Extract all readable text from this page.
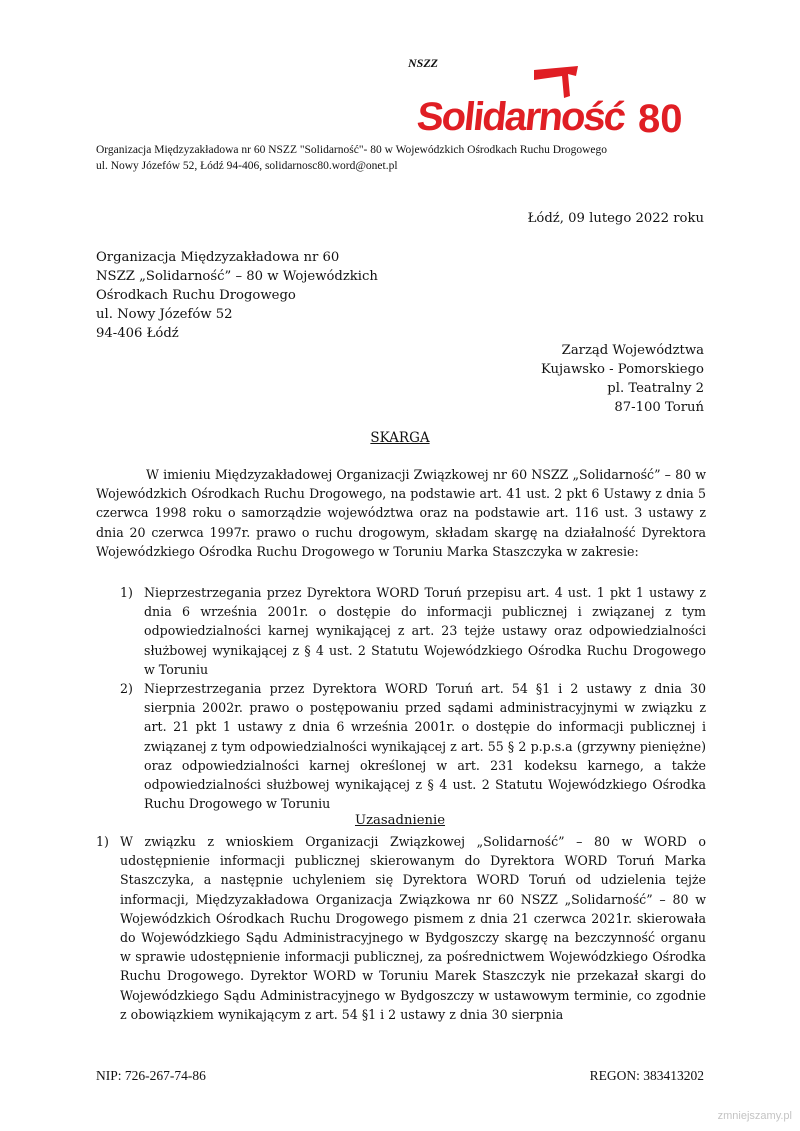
Solidarność 80
NSZZ
Organizacja Międzyzakładowa nr 60 NSZZ "Solidarność"- 80 w Wojewódzkich Ośrodkach Ruchu Drogowego
ul. Nowy Józefów 52, Łódź 94-406, solidarnosc80.word@onet.pl
Łódź, 09 lutego 2022 roku
Organizacja Międzyzakładowa nr 60
NSZZ „Solidarność” – 80 w Wojewódzkich
Ośrodkach Ruchu Drogowego
ul. Nowy Józefów 52
94-406 Łódź
Zarząd Województwa
Kujawsko - Pomorskiego
pl. Teatralny 2
87-100 Toruń
SKARGA

W imieniu Międzyzakładowej Organizacji Związkowej nr 60 NSZZ „Solidarność” – 80 w Wojewódzkich Ośrodkach Ruchu Drogowego, na podstawie art. 41 ust. 2 pkt 6 Ustawy z dnia 5 czerwca 1998 roku o samorządzie województwa oraz na podstawie art. 116 ust. 3 ustawy z dnia 20 czerwca 1997r. prawo o ruchu drogowym, składam skargę na działalność Dyrektora Wojewódzkiego Ośrodka Ruchu Drogowego w Toruniu Marka Staszczyka w zakresie:

1) Nieprzestrzegania przez Dyrektora WORD Toruń przepisu art. 4 ust. 1 pkt 1 ustawy z dnia 6 września 2001r. o dostępie do informacji publicznej i związanej z tym odpowiedzialności karnej wynikającej z art. 23 tejże ustawy oraz odpowiedzialności służbowej wynikającej z § 4 ust. 2 Statutu Wojewódzkiego Ośrodka Ruchu Drogowego w Toruniu
2) Nieprzestrzegania przez Dyrektora WORD Toruń art. 54 §1 i 2 ustawy z dnia 30 sierpnia 2002r. prawo o postępowaniu przed sądami administracyjnymi w związku z art. 21 pkt 1 ustawy z dnia 6 września 2001r. o dostępie do informacji publicznej i związanej z tym odpowiedzialności wynikającej z art. 55 § 2 p.p.s.a (grzywny pieniężne) oraz odpowiedzialności karnej określonej w art. 231 kodeksu karnego, a także odpowiedzialności służbowej wynikającej z § 4 ust. 2 Statutu Wojewódzkiego Ośrodka Ruchu Drogowego w Toruniu
Uzasadnienie
1) W związku z wnioskiem Organizacji Związkowej „Solidarność” – 80 w WORD o udostępnienie informacji publicznej skierowanym do Dyrektora WORD Toruń Marka Staszczyka, a następnie uchyleniem się Dyrektora WORD Toruń od udzielenia tejże informacji, Międzyzakładowa Organizacja Związkowa nr 60 NSZZ „Solidarność” – 80 w Wojewódzkich Ośrodkach Ruchu Drogowego pismem z dnia 21 czerwca 2021r. skierowała do Wojewódzkiego Sądu Administracyjnego w Bydgoszczy skargę na bezczynność organu w sprawie udostępnienie informacji publicznej, za pośrednictwem Wojewódzkiego Ośrodka Ruchu Drogowego. Dyrektor WORD w Toruniu Marek Staszczyk nie przekazał skargi do Wojewódzkiego Sądu Administracyjnego w Bydgoszczy w ustawowym terminie, co zgodnie z obowiązkiem wynikającym z art. 54 §1 i 2 ustawy z dnia 30 sierpnia
NIP: 726-267-74-86	REGON: 383413202
zmniejszamy.pl
